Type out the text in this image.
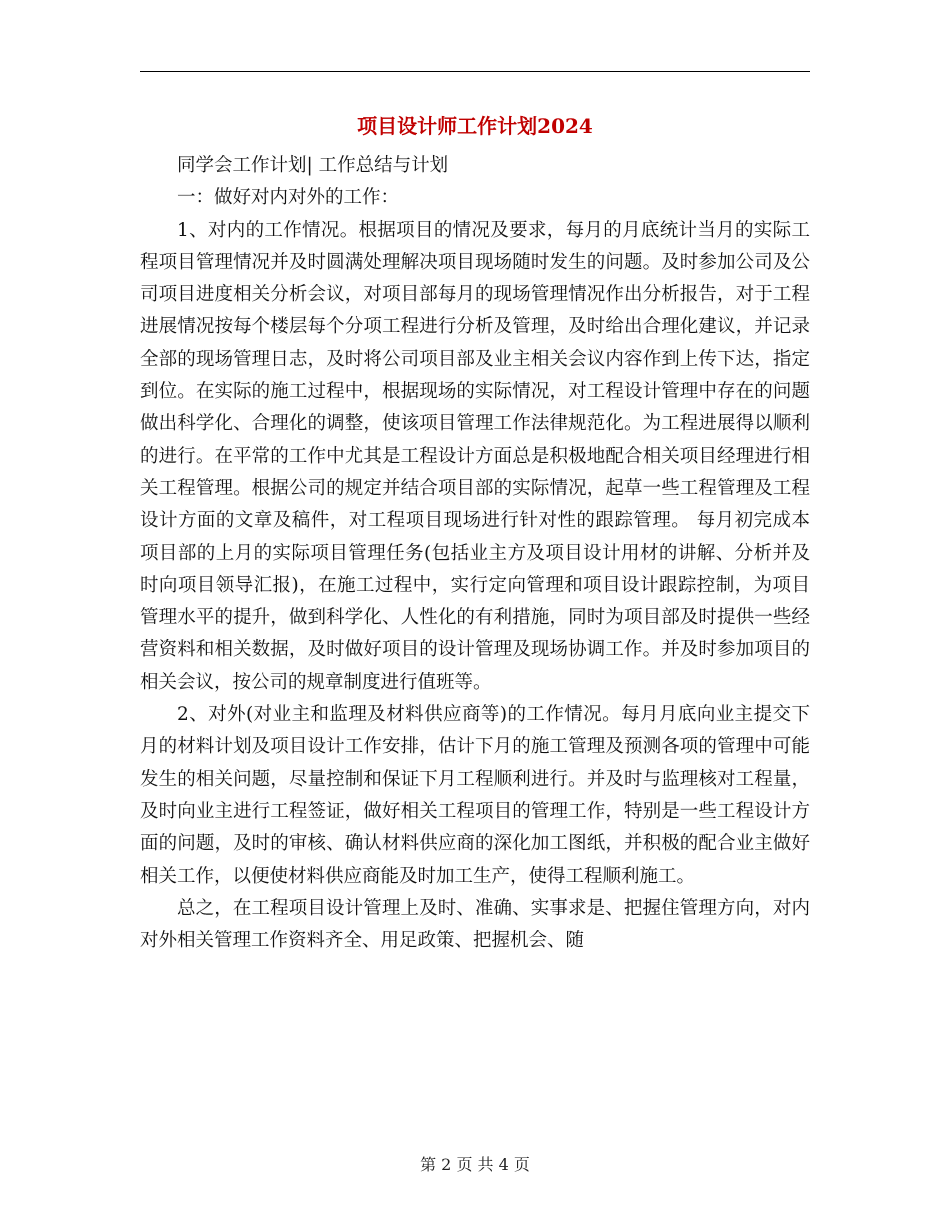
项目设计师工作计划2024

同学会工作计划| 工作总结与计划

一：做好对内对外的工作：

1、对内的工作情况。根据项目的情况及要求，每月的月底统计当月的实际工程项目管理情况并及时圆满处理解决项目现场随时发生的问题。及时参加公司及公司项目进度相关分析会议，对项目部每月的现场管理情况作出分析报告，对于工程进展情况按每个楼层每个分项工程进行分析及管理，及时给出合理化建议，并记录全部的现场管理日志，及时将公司项目部及业主相关会议内容作到上传下达，指定到位。在实际的施工过程中，根据现场的实际情况，对工程设计管理中存在的问题做出科学化、合理化的调整，使该项目管理工作法律规范化。为工程进展得以顺利的进行。在平常的工作中尤其是工程设计方面总是积极地配合相关项目经理进行相关工程管理。根据公司的规定并结合项目部的实际情况，起草一些工程管理及工程设计方面的文章及稿件，对工程项目现场进行针对性的跟踪管理。 每月初完成本项目部的上月的实际项目管理任务(包括业主方及项目设计用材的讲解、分析并及时向项目领导汇报)，在施工过程中，实行定向管理和项目设计跟踪控制，为项目管理水平的提升，做到科学化、人性化的有利措施，同时为项目部及时提供一些经营资料和相关数据，及时做好项目的设计管理及现场协调工作。并及时参加项目的相关会议，按公司的规章制度进行值班等。

2、对外(对业主和监理及材料供应商等)的工作情况。每月月底向业主提交下月的材料计划及项目设计工作安排，估计下月的施工管理及预测各项的管理中可能发生的相关问题，尽量控制和保证下月工程顺利进行。并及时与监理核对工程量，及时向业主进行工程签证，做好相关工程项目的管理工作，特别是一些工程设计方面的问题，及时的审核、确认材料供应商的深化加工图纸，并积极的配合业主做好相关工作，以便使材料供应商能及时加工生产，使得工程顺利施工。

总之，在工程项目设计管理上及时、准确、实事求是、把握住管理方向，对内对外相关管理工作资料齐全、用足政策、把握机会、随

第 2 页 共 4 页
